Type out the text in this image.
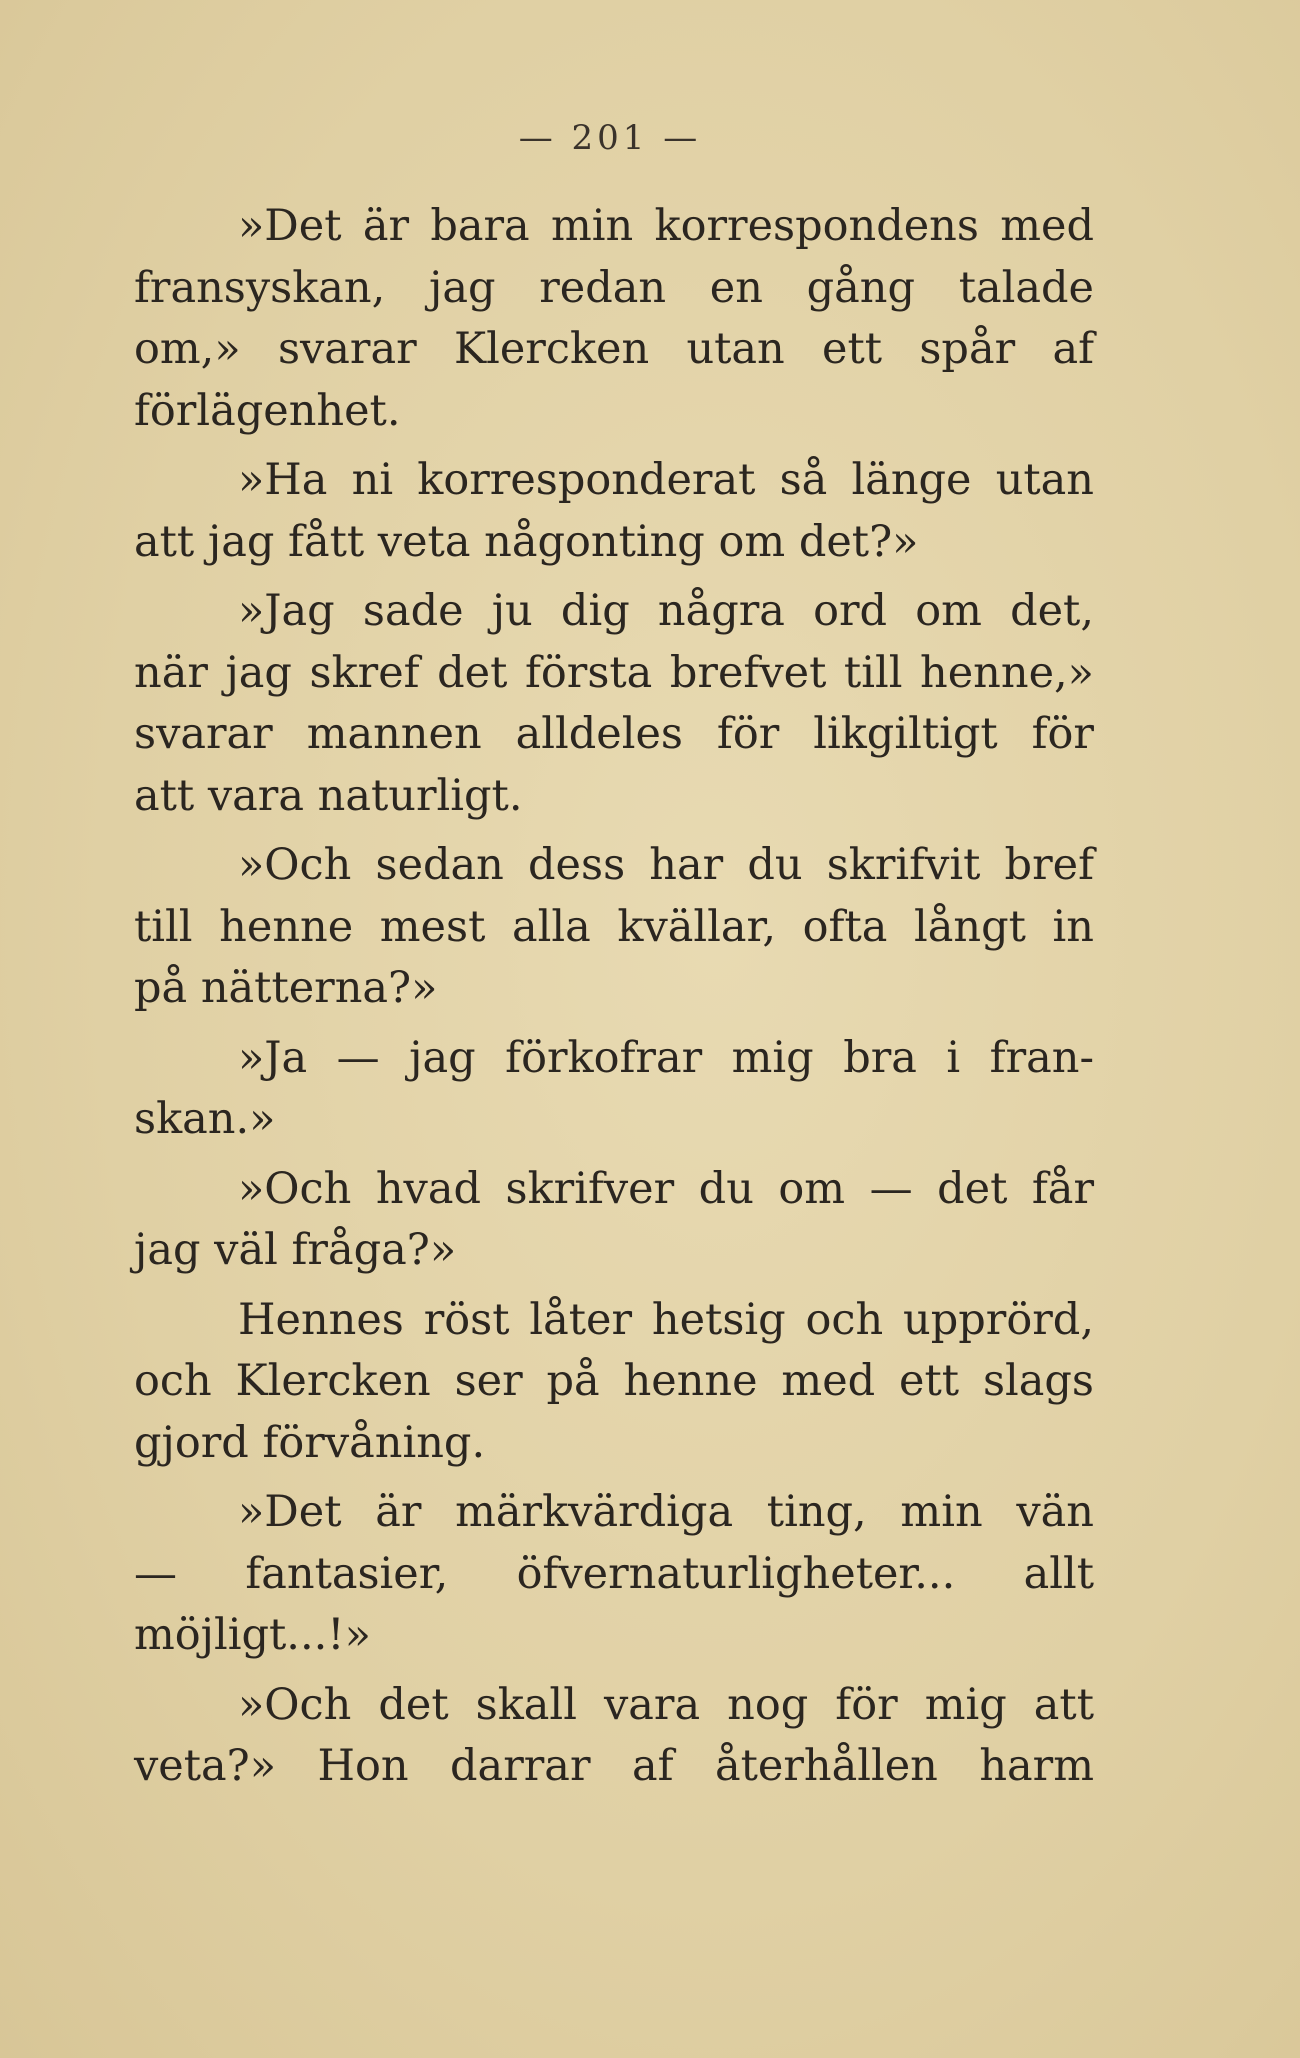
— 201 —
»Det är bara min korrespondens med
fransyskan, jag redan en gång talade
om,» svarar Klercken utan ett spår af
förlägenhet.
»Ha ni korresponderat så länge utan
att jag fått veta någonting om det?»
»Jag sade ju dig några ord om det,
när jag skref det första brefvet till henne,»
svarar mannen alldeles för likgiltigt för
att vara naturligt.
»Och sedan dess har du skrifvit bref
till henne mest alla kvällar, ofta långt in
på nätterna?»
»Ja — jag förkofrar mig bra i fran-
skan.»
»Och hvad skrifver du om — det får
jag väl fråga?»
Hennes röst låter hetsig och upprörd,
och Klercken ser på henne med ett slags
gjord förvåning.
»Det är märkvärdiga ting, min vän
— fantasier, öfvernaturligheter... allt
möjligt...!»
»Och det skall vara nog för mig att
veta?» Hon darrar af återhållen harm
